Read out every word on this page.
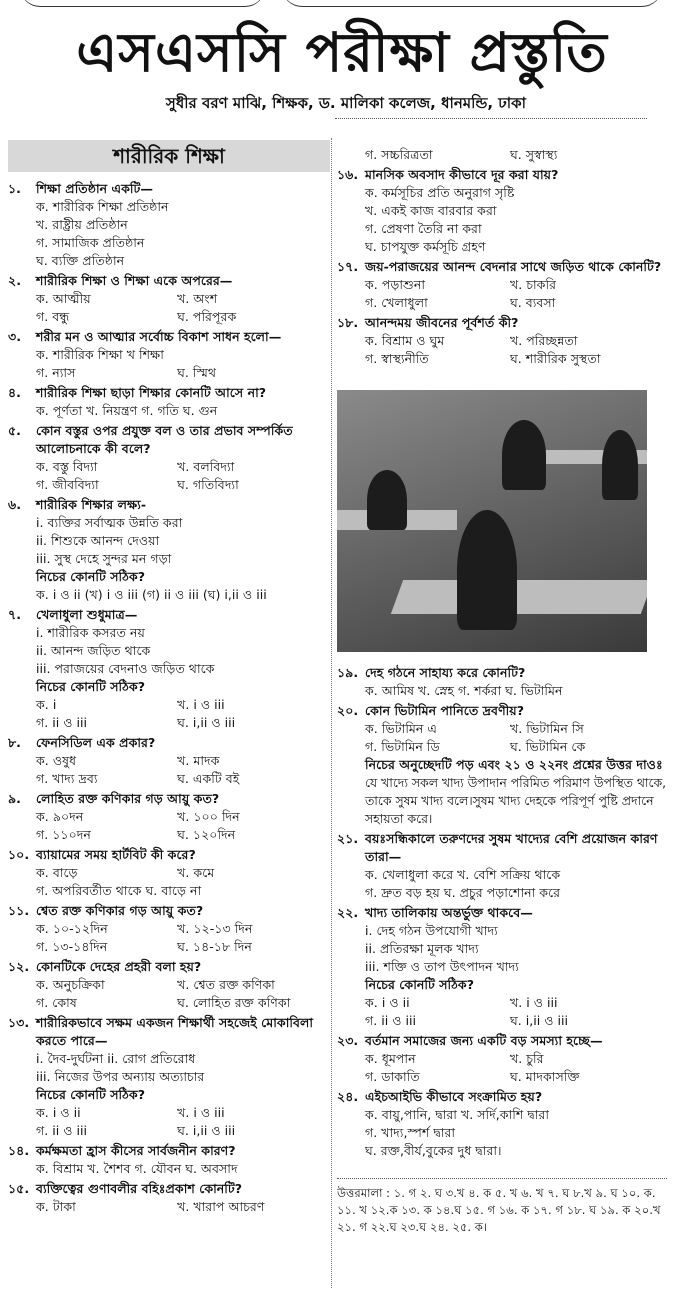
এসএসসি পরীক্ষা প্রস্তুতি
সুধীর বরণ মাঝি, শিক্ষক, ড. মালিকা কলেজ, ধানমন্ডি, ঢাকা
শারীরিক শিক্ষা
১.	শিক্ষা প্রতিষ্ঠান একটি—
ক. শারীরিক শিক্ষা প্রতিষ্ঠান
খ. রাষ্ট্রীয় প্রতিষ্ঠান
গ. সামাজিক প্রতিষ্ঠান
ঘ. ব্যক্তি প্রতিষ্ঠান
২.	শারীরিক শিক্ষা ও শিক্ষা একে অপরের—
ক. আত্মীয়	খ. অংশ
গ. বন্ধু	ঘ. পরিপূরক
৩.	শরীর মন ও আত্মার সর্বোচ্চ বিকাশ সাধন হলো—
ক. শারীরিক শিক্ষা খ শিক্ষা
গ. ন্যাস	ঘ. স্মিথ
৪.	শারীরিক শিক্ষা ছাড়া শিক্ষার কোনটি আসে না?
ক. পূর্ণতা খ. নিয়ন্ত্রণ গ. গতি ঘ. গুন
৫.	কোন বস্তুর ওপর প্রযুক্ত বল ও তার প্রভাব সম্পর্কিত আলোচনাকে কী বলে?
ক. বস্তু বিদ্যা	খ. বলবিদ্যা
গ. জীববিদ্যা	ঘ. গতিবিদ্যা
৬.	শারীরিক শিক্ষার লক্ষ্য-
i. ব্যক্তির সর্বাত্মক উন্নতি করা
ii. শিশুকে আনন্দ দেওয়া
iii. সুস্থ দেহে সুন্দর মন গড়া
নিচের কোনটি সঠিক?
ক. i ও ii (খ) i ও iii (গ) ii ও iii (ঘ) i,ii ও iii
৭.	খেলাধুলা শুধুমাত্র—
i. শারীরিক কসরত নয়
ii. আনন্দ জড়িত থাকে
iii. পরাজয়ের বেদনাও জড়িত থাকে
নিচের কোনটি সঠিক?
ক. i	খ. i ও iii
গ. ii ও iii	ঘ. i,ii ও iii
৮.	ফেনসিডিল এক প্রকার?
ক. ওষুধ	খ. মাদক
গ. খাদ্য দ্রব্য	ঘ. একটি বই
৯.	লোহিত রক্ত কণিকার গড় আয়ু কত?
ক. ৯০দন	খ. ১০০ দিন
গ. ১১০দন	ঘ. ১২০দিন
১০. ব্যায়ামের সময় হার্টবিট কী করে?
ক. বাড়ে	খ. কমে
গ. অপরিবর্তীত থাকে ঘ. বাড়ে না
১১. শ্বেত রক্ত কণিকার গড় আয়ু কত?
ক. ১০-১২দিন	খ. ১২-১৩ দিন
গ. ১৩-১৪দিন	ঘ. ১৪-১৮ দিন
১২. কোনটিকে দেহের প্রহরী বলা হয়?
ক. অনুচক্রিকা	খ. শ্বেত রক্ত কণিকা
গ. কোষ	ঘ. লোহিত রক্ত কণিকা
১৩. শারীরিকভাবে সক্ষম একজন শিক্ষার্থী সহজেই মোকাবিলা করতে পারে—
i. দৈব-দুর্ঘটনা ii. রোগ প্রতিরোধ
iii. নিজের উপর অন্যায় অত্যাচার
নিচের কোনটি সঠিক?
ক. i ও ii	খ. i ও iii
গ. ii ও iii	ঘ. i,ii ও iii
১৪. কর্মক্ষমতা হ্রাস কীসের সার্বজনীন কারণ?
ক. বিশ্রাম খ. শৈশব গ. যৌবন ঘ. অবসাদ
১৫. ব্যক্তিত্বের গুণাবলীর বহিঃপ্রকাশ কোনটি?
ক. টাকা	খ. খারাপ আচরণ
গ. সচ্চরিত্রতা	ঘ. সুস্বাস্থ্য
১৬. মানসিক অবসাদ কীভাবে দূর করা যায়?
ক. কর্মসূচির প্রতি অনুরাগ সৃষ্টি
খ. একই কাজ বারবার করা
গ. প্রেষণা তৈরি না করা
ঘ. চাপযুক্ত কর্মসূচি গ্রহণ
১৭. জয়-পরাজয়ের আনন্দ বেদনার সাথে জড়িত থাকে কোনটি?
ক. পড়াশুনা	খ. চাকরি
গ. খেলাধুলা	ঘ. ব্যবসা
১৮. আনন্দময় জীবনের পূর্বশর্ত কী?
ক. বিশ্রাম ও ঘুম	খ. পরিচ্ছন্নতা
গ. স্বাস্থ্যনীতি	ঘ. শারীরিক সুস্থতা
১৯. দেহ গঠনে সাহায্য করে কোনটি?
ক. আমিষ খ. স্নেহ গ. শর্করা ঘ. ভিটামিন
২০. কোন ভিটামিন পানিতে দ্রবণীয়?
ক. ভিটামিন এ	খ. ভিটামিন সি
গ. ভিটামিন ডি	ঘ. ভিটামিন কে
নিচের অনুচ্ছেদটি পড় এবং ২১ ও ২২নং প্রশ্নের উত্তর দাওঃ
যে খাদ্যে সকল খাদ্য উপাদান পরিমিত পরিমাণ উপস্থিত থাকে, তাকে সুষম খাদ্য বলে।সুষম খাদ্য দেহকে পরিপূর্ণ পুষ্টি প্রদানে সহায়তা করে।
২১. বয়ঃসন্ধিকালে তরুণদের সুষম খাদ্যের বেশি প্রয়োজন কারণ তারা—
ক. খেলাধুলা করে খ. বেশি সক্রিয় থাকে
গ. দ্রুত বড় হয় ঘ. প্রচুর পড়াশোনা করে
২২. খাদ্য তালিকায় অন্তর্ভুক্ত থাকবে—
i. দেহ গঠন উপযোগী খাদ্য
ii. প্রতিরক্ষা মূলক খাদ্য
iii. শক্তি ও তাপ উৎপাদন খাদ্য
নিচের কোনটি সঠিক?
ক. i ও ii	খ. i ও iii
গ. ii ও iii	ঘ. i,ii ও iii
২৩. বর্তমান সমাজের জন্য একটি বড় সমস্যা হচ্ছে—
ক. ধূমপান	খ. চুরি
গ. ডাকাতি	ঘ. মাদকাসক্তি
২৪. এইচআইভি কীভাবে সংক্রামিত হয়?
ক. বায়ু,পানি, দ্বারা খ. সর্দি,কাশি দ্বারা
গ. খাদ্য,স্পর্শ দ্বারা
ঘ. রক্ত,বীর্য,বুকের দুধ দ্বারা।
উত্তরমালা : ১. গ ২. ঘ ৩.খ ৪. ক ৫. খ ৬. খ ৭. ঘ ৮.খ ৯. ঘ ১০. ক. ১১. খ ১২.ক ১৩. ক ১৪.ঘ ১৫. গ ১৬. ক ১৭. গ ১৮. ঘ ১৯. ক ২০.খ ২১. গ ২২.ঘ ২৩.ঘ ২৪. ২৫. ক।
